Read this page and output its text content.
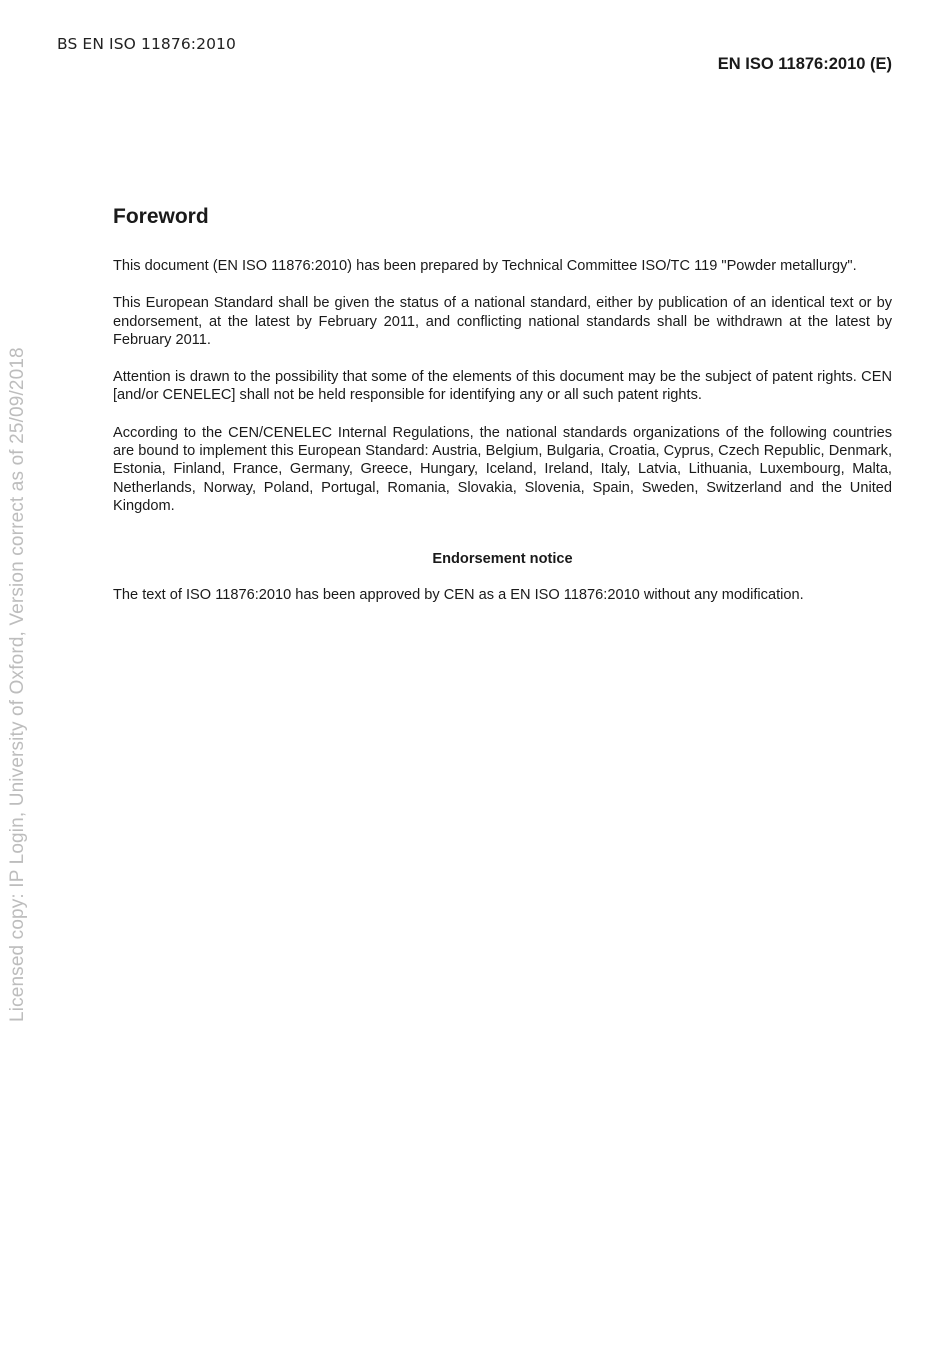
BS EN ISO 11876:2010
EN ISO 11876:2010 (E)
Licensed copy: IP Login, University of Oxford, Version correct as of 25/09/2018
Foreword

This document (EN ISO 11876:2010) has been prepared by Technical Committee ISO/TC 119 "Powder metallurgy".

This European Standard shall be given the status of a national standard, either by publication of an identical text or by endorsement, at the latest by February 2011, and conflicting national standards shall be withdrawn at the latest by February 2011.

Attention is drawn to the possibility that some of the elements of this document may be the subject of patent rights. CEN [and/or CENELEC] shall not be held responsible for identifying any or all such patent rights.

According to the CEN/CENELEC Internal Regulations, the national standards organizations of the following countries are bound to implement this European Standard: Austria, Belgium, Bulgaria, Croatia, Cyprus, Czech Republic, Denmark, Estonia, Finland, France, Germany, Greece, Hungary, Iceland, Ireland, Italy, Latvia, Lithuania, Luxembourg, Malta, Netherlands, Norway, Poland, Portugal, Romania, Slovakia, Slovenia, Spain, Sweden, Switzerland and the United Kingdom.

Endorsement notice

The text of ISO 11876:2010 has been approved by CEN as a EN ISO 11876:2010 without any modification.
